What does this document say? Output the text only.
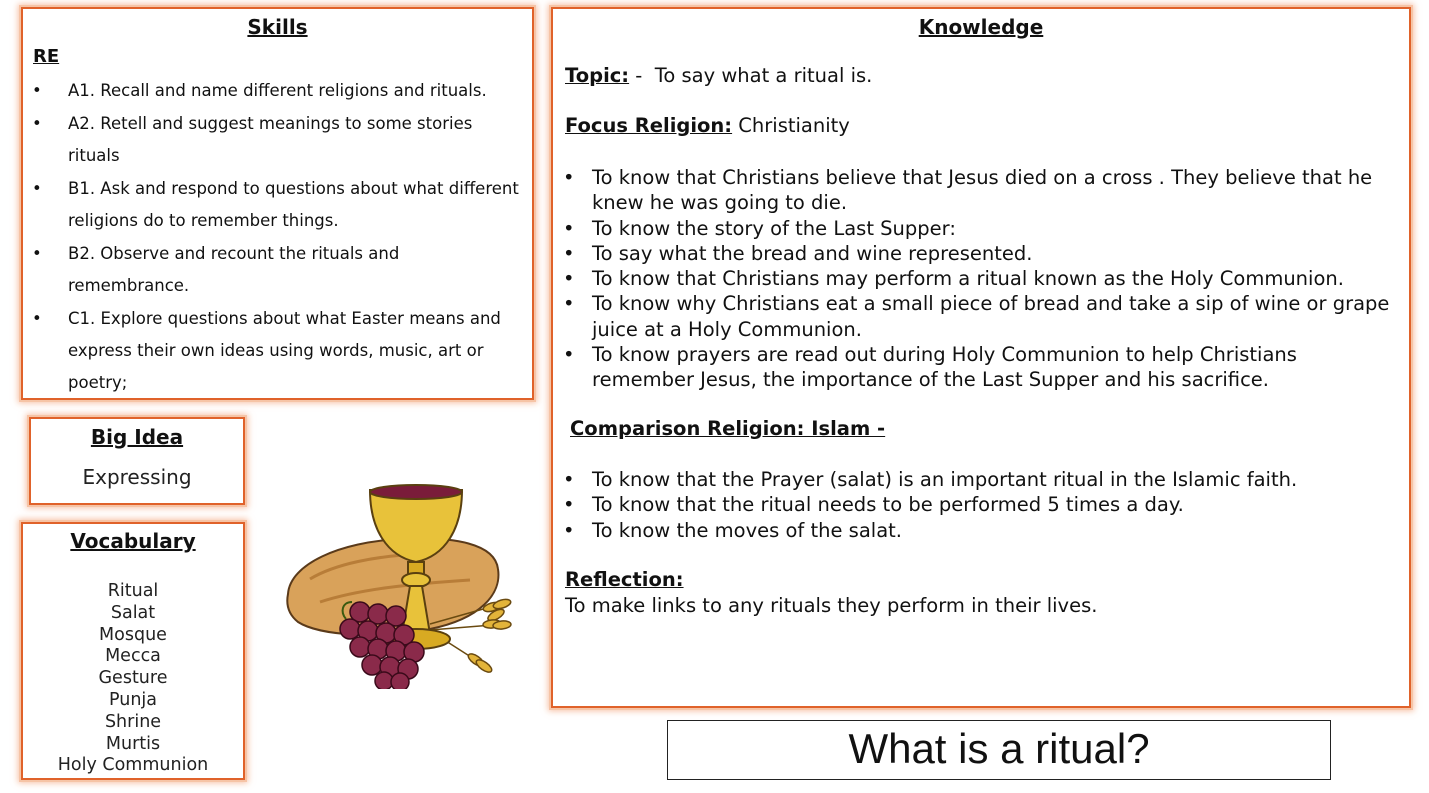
Skills
RE
• A1. Recall and name different religions and rituals.
• A2. Retell and suggest meanings to some stories rituals
• B1. Ask and respond to questions about what different religions do to remember things.
• B2. Observe and recount the rituals and remembrance.
• C1. Explore questions about what Easter means and express their own ideas using words, music, art or poetry;
Knowledge
Topic: -  To say what a ritual is.
Focus Religion: Christianity
• To know that Christians believe that Jesus died on a cross . They believe that he knew he was going to die.
• To know the story of the Last Supper:
• To say what the bread and wine represented.
• To know that Christians may perform a ritual known as the Holy Communion.
• To know why Christians eat a small piece of bread and take a sip of wine or grape juice at a Holy Communion.
• To know prayers are read out during Holy Communion to help Christians remember Jesus, the importance of the Last Supper and his sacrifice.
Comparison Religion: Islam -
• To know that the Prayer (salat) is an important ritual in the Islamic faith.
• To know that the ritual needs to be performed 5 times a day.
• To know the moves of the salat.
Reflection:
To make links to any rituals they perform in their lives.
Big Idea
Expressing
Vocabulary
Ritual
Salat
Mosque
Mecca
Gesture
Punja
Shrine
Murtis
Holy Communion	What is a ritual?
